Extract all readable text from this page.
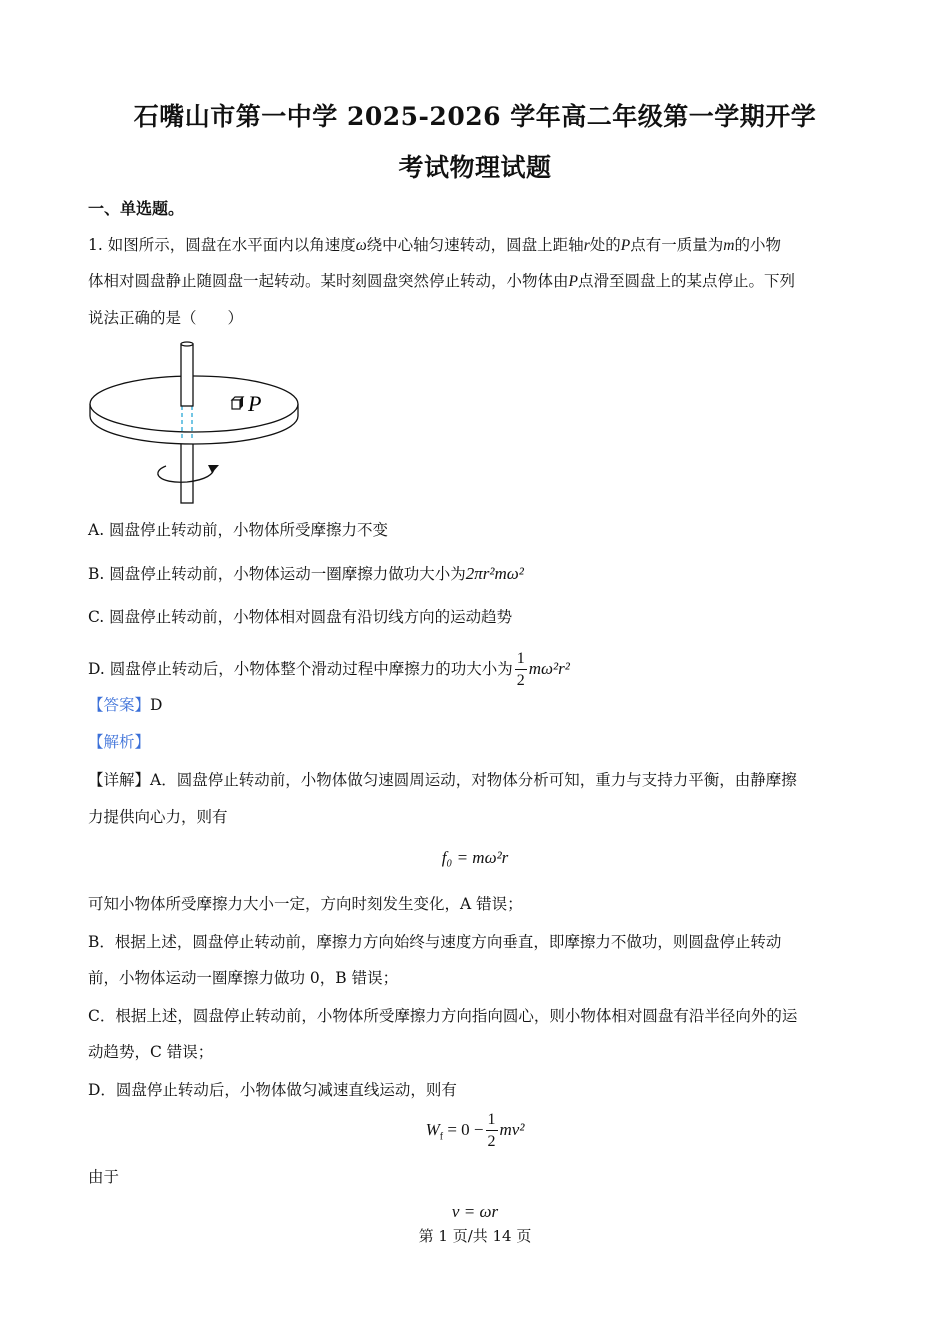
石嘴山市第一中学 2025-2026 学年高二年级第一学期开学
考试物理试题
一、单选题。
1. 如图所示，圆盘在水平面内以角速度ω绕中心轴匀速转动，圆盘上距轴r处的P点有一质量为m的小物
体相对圆盘静止随圆盘一起转动。某时刻圆盘突然停止转动，小物体由P点滑至圆盘上的某点停止。下列
说法正确的是（　　）
P
A. 圆盘停止转动前，小物体所受摩擦力不变
B. 圆盘停止转动前，小物体运动一圈摩擦力做功大小为2πr²mω²
C. 圆盘停止转动前，小物体相对圆盘有沿切线方向的运动趋势
D. 圆盘停止转动后，小物体整个滑动过程中摩擦力的功大小为 $\frac{1}{2} m\omega^2r^2$
【答案】D
【解析】
【详解】A．圆盘停止转动前，小物体做匀速圆周运动，对物体分析可知，重力与支持力平衡，由静摩擦
力提供向心力，则有
f₀ = mω²r
可知小物体所受摩擦力大小一定，方向时刻发生变化，A 错误；
B．根据上述，圆盘停止转动前，摩擦力方向始终与速度方向垂直，即摩擦力不做功，则圆盘停止转动
前，小物体运动一圈摩擦力做功 0，B 错误；
C．根据上述，圆盘停止转动前，小物体所受摩擦力方向指向圆心，则小物体相对圆盘有沿半径向外的运
动趋势，C 错误；
D．圆盘停止转动后，小物体做匀减速直线运动，则有
$W_f = 0 - \frac{1}{2} mv^2$
由于
v = ωr
第 1 页/共 14 页
